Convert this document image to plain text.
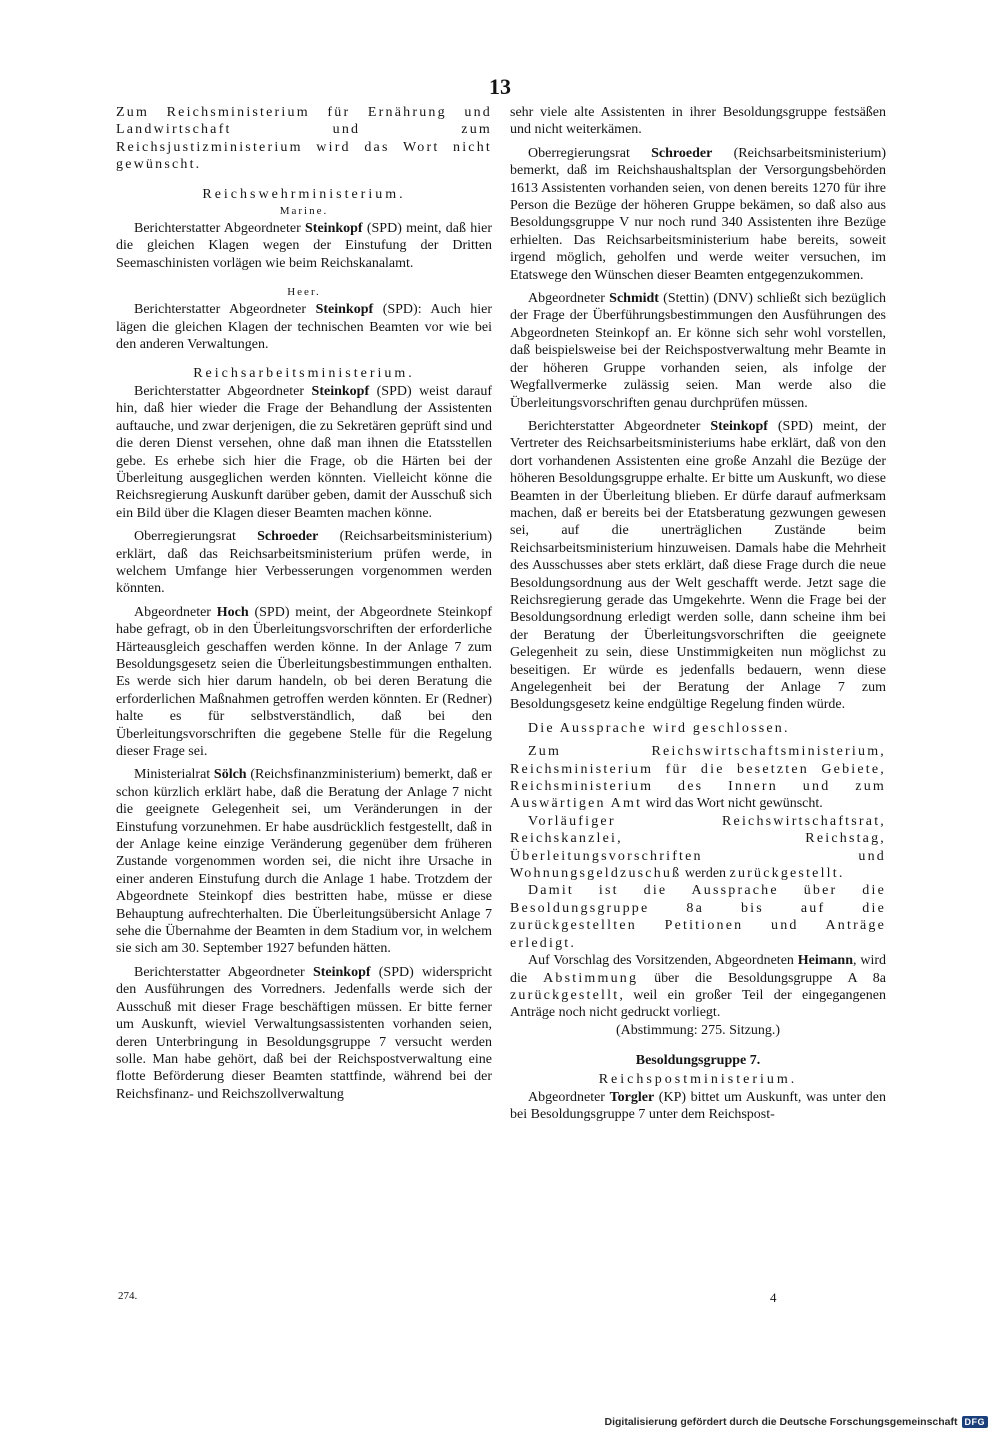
13

Zum Reichsministerium für Ernährung und Landwirtschaft und zum Reichsjustizministerium wird das Wort nicht gewünscht.

Reichswehrministerium.
Marine.

Berichterstatter Abgeordneter Steinkopf (SPD) meint, daß hier die gleichen Klagen wegen der Einstufung der Dritten Seemaschinisten vorlägen wie beim Reichskanalamt.

Heer.

Berichterstatter Abgeordneter Steinkopf (SPD): Auch hier lägen die gleichen Klagen der technischen Beamten vor wie bei den anderen Verwaltungen.

Reichsarbeitsministerium.

Berichterstatter Abgeordneter Steinkopf (SPD) weist darauf hin, daß hier wieder die Frage der Behandlung der Assistenten auftauche, und zwar derjenigen, die zu Sekretären geprüft sind und die deren Dienst versehen, ohne daß man ihnen die Etatsstellen gebe. Es erhebe sich hier die Frage, ob die Härten bei der Überleitung ausgeglichen werden könnten. Vielleicht könne die Reichsregierung Auskunft darüber geben, damit der Ausschuß sich ein Bild über die Klagen dieser Beamten machen könne.

Oberregierungsrat Schroeder (Reichsarbeitsministerium) erklärt, daß das Reichsarbeitsministerium prüfen werde, in welchem Umfange hier Verbesserungen vorgenommen werden könnten.

Abgeordneter Hoch (SPD) meint, der Abgeordnete Steinkopf habe gefragt, ob in den Überleitungsvorschriften der erforderliche Härteausgleich geschaffen werden könne. In der Anlage 7 zum Besoldungsgesetz seien die Überleitungsbestimmungen enthalten. Es werde sich hier darum handeln, ob bei deren Beratung die erforderlichen Maßnahmen getroffen werden könnten. Er (Redner) halte es für selbstverständlich, daß bei den Überleitungsvorschriften die gegebene Stelle für die Regelung dieser Frage sei.

Ministerialrat Sölch (Reichsfinanzministerium) bemerkt, daß er schon kürzlich erklärt habe, daß die Beratung der Anlage 7 nicht die geeignete Gelegenheit sei, um Veränderungen in der Einstufung vorzunehmen. Er habe ausdrücklich festgestellt, daß in der Anlage keine einzige Veränderung gegenüber dem früheren Zustande vorgenommen worden sei, die nicht ihre Ursache in einer anderen Einstufung durch die Anlage 1 habe. Trotzdem der Abgeordnete Steinkopf dies bestritten habe, müsse er diese Behauptung aufrechterhalten. Die Überleitungsübersicht Anlage 7 sehe die Übernahme der Beamten in dem Stadium vor, in welchem sie sich am 30. September 1927 befunden hätten.

Berichterstatter Abgeordneter Steinkopf (SPD) widerspricht den Ausführungen des Vorredners. Jedenfalls werde sich der Ausschuß mit dieser Frage beschäftigen müssen. Er bitte ferner um Auskunft, wieviel Verwaltungsassistenten vorhanden seien, deren Unterbringung in Besoldungsgruppe 7 versucht werden solle. Man habe gehört, daß bei der Reichspostverwaltung eine flotte Beförderung dieser Beamten stattfinde, während bei der Reichsfinanz- und Reichszollverwaltung

sehr viele alte Assistenten in ihrer Besoldungsgruppe festsäßen und nicht weiterkämen.

Oberregierungsrat Schroeder (Reichsarbeitsministerium) bemerkt, daß im Reichshaushaltsplan der Versorgungsbehörden 1613 Assistenten vorhanden seien, von denen bereits 1270 für ihre Person die Bezüge der höheren Gruppe bekämen, so daß also aus Besoldungsgruppe V nur noch rund 340 Assistenten ihre Bezüge erhielten. Das Reichsarbeitsministerium habe bereits, soweit irgend möglich, geholfen und werde weiter versuchen, im Etatswege den Wünschen dieser Beamten entgegenzukommen.

Abgeordneter Schmidt (Stettin) (DNV) schließt sich bezüglich der Frage der Überführungsbestimmungen den Ausführungen des Abgeordneten Steinkopf an. Er könne sich sehr wohl vorstellen, daß beispielsweise bei der Reichspostverwaltung mehr Beamte in der höheren Gruppe vorhanden seien, als infolge der Wegfallvermerke zulässig seien. Man werde also die Überleitungsvorschriften genau durchprüfen müssen.

Berichterstatter Abgeordneter Steinkopf (SPD) meint, der Vertreter des Reichsarbeitsministeriums habe erklärt, daß von den dort vorhandenen Assistenten eine große Anzahl die Bezüge der höheren Besoldungsgruppe erhalte. Er bitte um Auskunft, wo diese Beamten in der Überleitung blieben. Er dürfe darauf aufmerksam machen, daß er bereits bei der Etatsberatung gezwungen gewesen sei, auf die unerträglichen Zustände beim Reichsarbeitsministerium hinzuweisen. Damals habe die Mehrheit des Ausschusses aber stets erklärt, daß diese Frage durch die neue Besoldungsordnung aus der Welt geschafft werde. Jetzt sage die Reichsregierung gerade das Umgekehrte. Wenn die Frage bei der Besoldungsordnung erledigt werden solle, dann scheine ihm bei der Beratung der Überleitungsvorschriften die geeignete Gelegenheit zu sein, diese Unstimmigkeiten nun möglichst zu beseitigen. Er würde es jedenfalls bedauern, wenn diese Angelegenheit bei der Beratung der Anlage 7 zum Besoldungsgesetz keine endgültige Regelung finden würde.

Die Aussprache wird geschlossen.

Zum Reichswirtschaftsministerium, Reichsministerium für die besetzten Gebiete, Reichsministerium des Innern und zum Auswärtigen Amt wird das Wort nicht gewünscht.

Vorläufiger Reichswirtschaftsrat, Reichskanzlei, Reichstag, Überleitungsvorschriften und Wohnungsgeldzuschuß werden zurückgestellt.

Damit ist die Aussprache über die Besoldungsgruppe 8a bis auf die zurückgestellten Petitionen und Anträge erledigt.

Auf Vorschlag des Vorsitzenden, Abgeordneten Heimann, wird die Abstimmung über die Besoldungsgruppe A 8a zurückgestellt, weil ein großer Teil der eingegangenen Anträge noch nicht gedruckt vorliegt.

(Abstimmung: 275. Sitzung.)

Besoldungsgruppe 7.
Reichspostministerium.

Abgeordneter Torgler (KP) bittet um Auskunft, was unter den bei Besoldungsgruppe 7 unter dem Reichspost-

274.	4
Digitalisierung gefördert durch die Deutsche Forschungsgemeinschaft DFG
